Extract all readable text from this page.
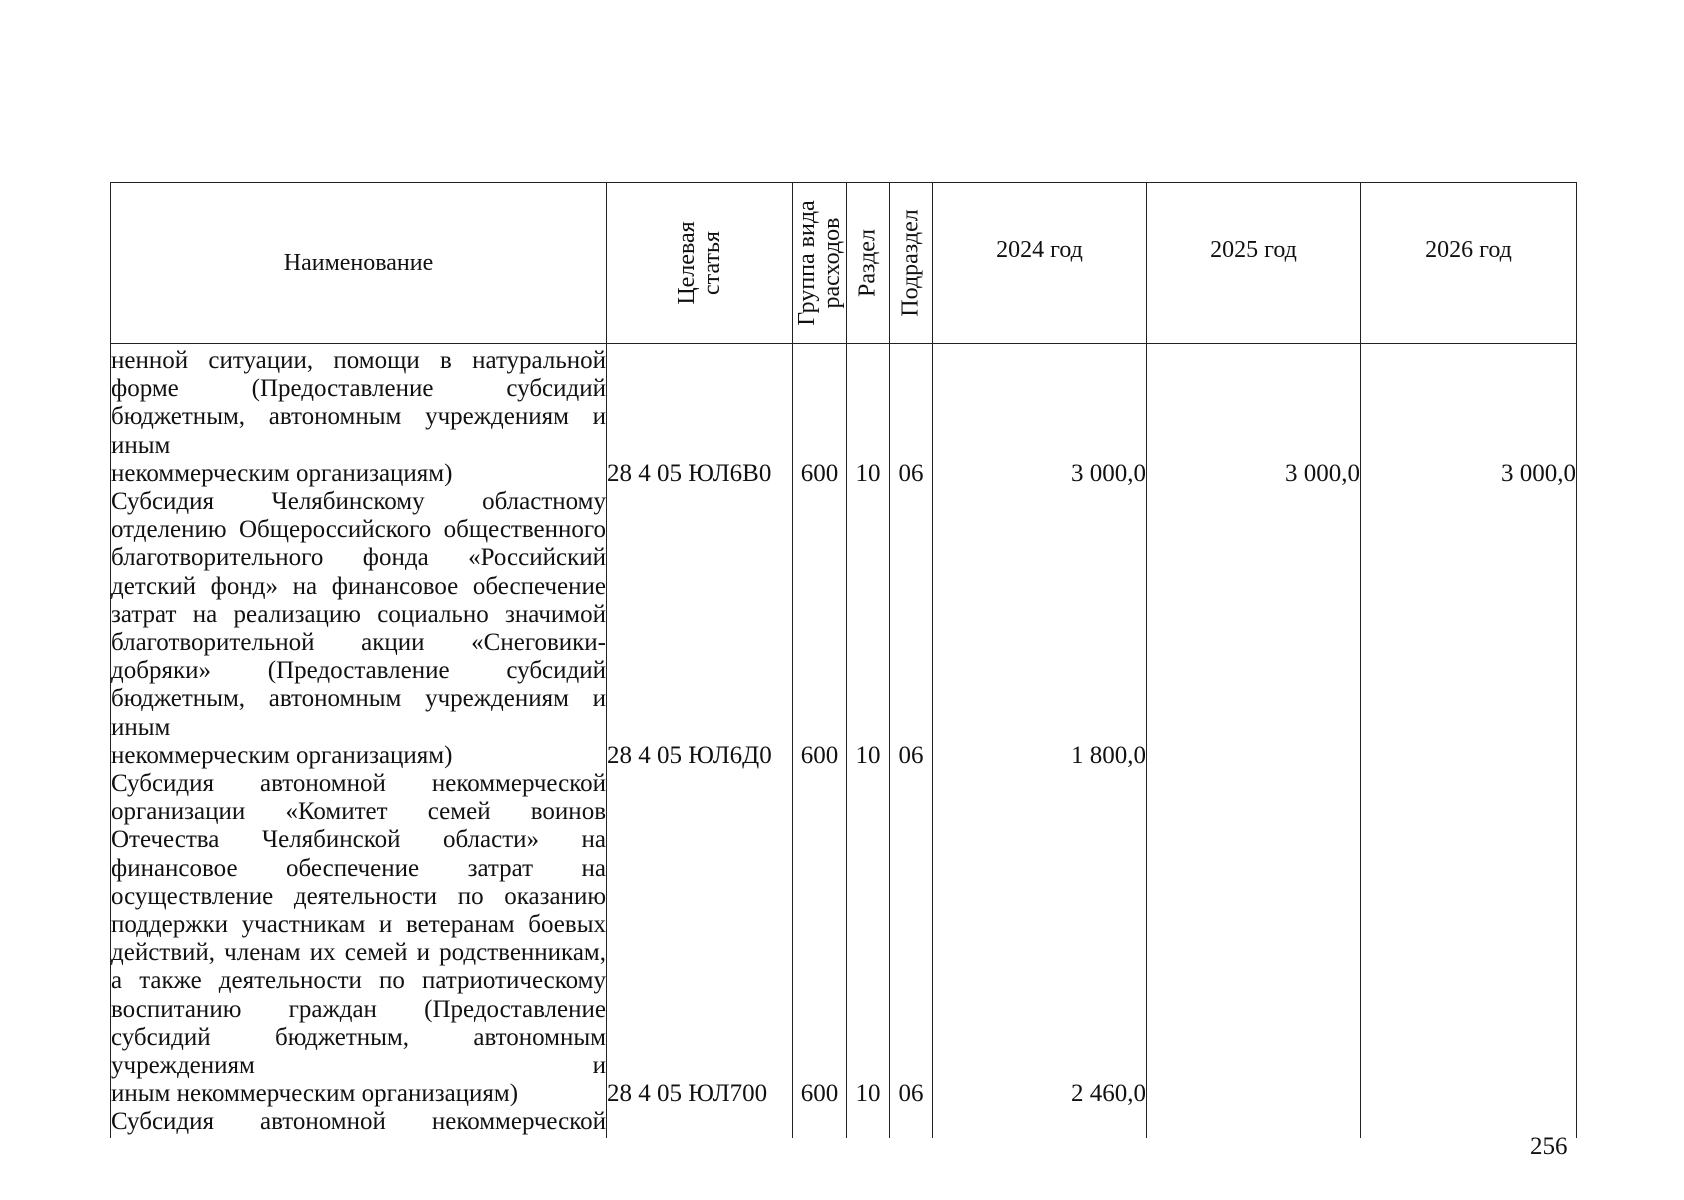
Наименование	Целевая статья	Группа вида расходов	Раздел	Подраздел	2024 год	2025 год	2026 год

ненной ситуации, помощи в натуральной форме (Предоставление субсидий бюджетным, автономным учреждениям и иным
некоммерческим организациям)	28 4 05 ЮЛ6В0	600	10	06	3 000,0	3 000,0	3 000,0
Субсидия Челябинскому областному отделению Общероссийского общественного благотворительного фонда «Российский детский фонд» на финансовое обеспечение затрат на реализацию социально значимой благотворительной акции «Снеговики-добряки» (Предоставление субсидий бюджетным, автономным учреждениям и иным
некоммерческим организациям)	28 4 05 ЮЛ6Д0	600	10	06	1 800,0		
Субсидия автономной некоммерческой организации «Комитет семей воинов Отечества Челябинской области» на финансовое обеспечение затрат на осуществление деятельности по оказанию поддержки участникам и ветеранам боевых действий, членам их семей и родственникам, а также деятельности по патриотическому воспитанию граждан (Предоставление субсидий бюджетным, автономным учреждениям и
иным некоммерческим организациям)	28 4 05 ЮЛ700	600	10	06	2 460,0		
Субсидия автономной некоммерческой							
256
